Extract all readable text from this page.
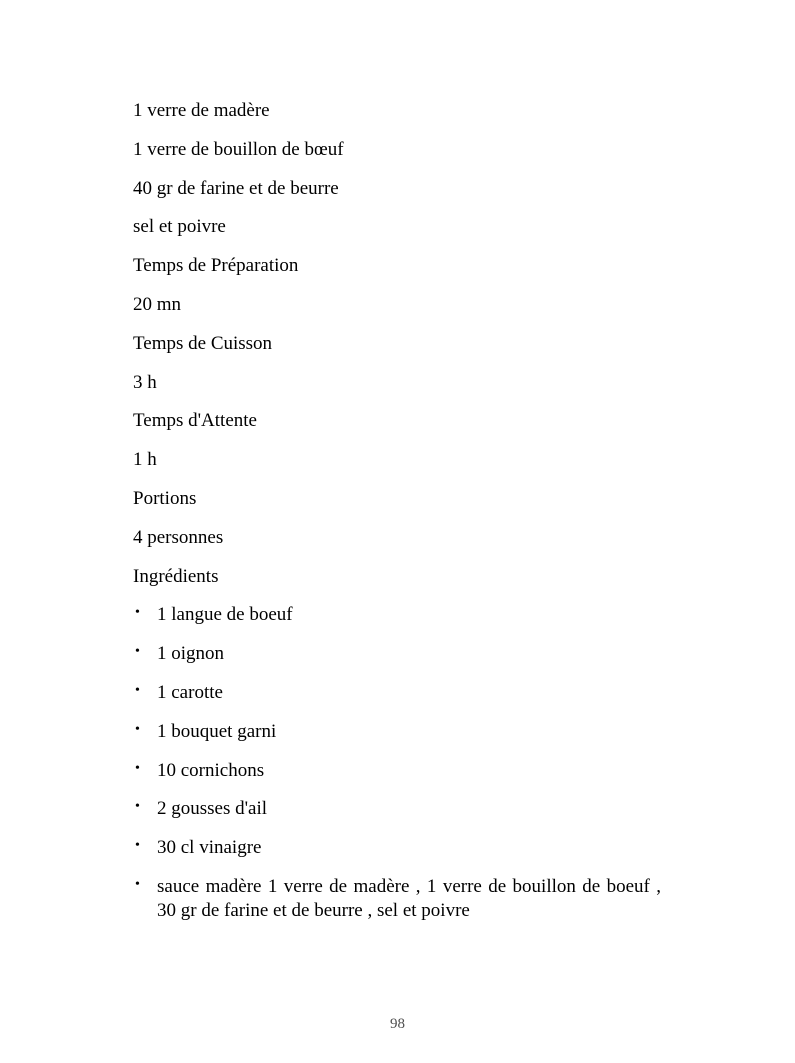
1 verre de madère

1 verre de bouillon de bœuf

40 gr de farine et de beurre

sel et poivre

Temps de Préparation

20 mn

Temps de Cuisson

3 h

Temps d'Attente

1 h

Portions

4 personnes

Ingrédients

• 1 langue de boeuf
• 1 oignon
• 1 carotte
• 1 bouquet garni
• 10 cornichons
• 2 gousses d'ail
• 30 cl vinaigre
• sauce madère 1 verre de madère , 1 verre de bouillon de boeuf , 30 gr de farine et de beurre , sel et poivre
98
